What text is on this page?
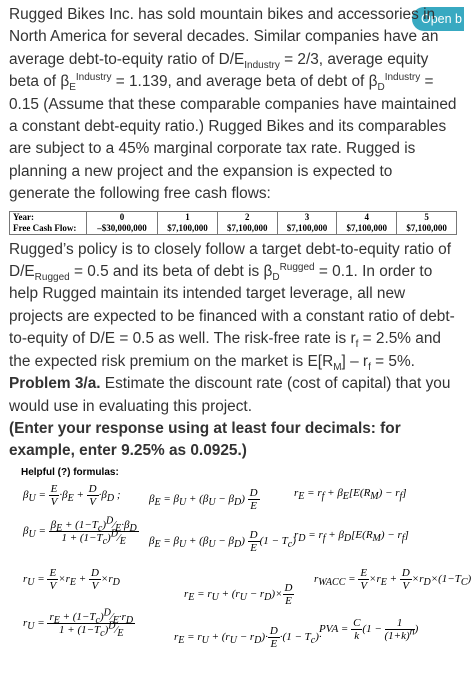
Open b

Rugged Bikes Inc. has sold mountain bikes and accessories in North America for several decades. Similar companies have an average debt-to-equity ratio of $D/E_{Industry} = 2/3$, average equity beta of $\beta_E^{Industry} = 1.139$, and average beta of debt of $\beta_D^{Industry} = 0.15$ (Assume that these comparable companies have maintained a constant debt-equity ratio.) Rugged Bikes and its comparables are subject to a 45% marginal corporate tax rate. Rugged is planning a new project and the expansion is expected to generate the following free cash flows:

Year:	0	1	2	3	4	5
Free Cash Flow:	–$30,000,000	$7,100,000	$7,100,000	$7,100,000	$7,100,000	$7,100,000

Rugged’s policy is to closely follow a target debt-to-equity ratio of $D/E_{Rugged} = 0.5$ and its beta of debt is $\beta_D^{Rugged} = 0.1$. In order to help Rugged maintain its intended target leverage, all new projects are expected to be financed with a constant ratio of debt-to-equity of D/E = 0.5 as well. The risk-free rate is $r_f = 2.5\%$ and the expected risk premium on the market is $E[R_M] - r_f = 5\%$.

Problem 3/a. Estimate the discount rate (cost of capital) that you would use in evaluating this project.

(Enter your response using at least four decimals: for example, enter 9.25% as 0.0925.)

Helpful (?) formulas:
$\beta_U = \frac{E}{V} \cdot\beta_E + \frac{D}{V} \cdot\beta_D$ ;	$\beta_E = \beta_U + (\beta_U - \beta_D) \frac{D}{E}$	$r_E = r_f + \beta_E[E(R_M) - r_f]$
$\beta_U = \frac{\beta_E + (1-T_c)^D⁄_E\cdot\beta_D}{1 + (1-T_c)^D⁄_E} \beta_E = \beta_U + (\beta_U - \beta_D) \frac{D}{E} (1 - T_c)$
$r_D = r_f + \beta_D[E(R_M) - r_f]$
$r_U = \frac{E}{V} \times r_E + \frac{D}{V} \times r_D$
$r_E = r_U + (r_U - r_D)\times \frac{D}{E}$
$r_{WACC} = \frac{E}{V} \times r_E + \frac{D}{V} \times r_D\times(1-T_C)$
$r_U = \frac{r_E + (1-T_c)^D⁄_E\cdot r_D}{1 + (1-T_c)^D⁄_E}$
$r_E = r_U + (r_U - r_D)\cdot \frac{D}{E} \cdot(1 - T_c)\cdot$
PVA = $\frac{C}{k} (1 - \frac{1}{(1+k)^n}$ )
